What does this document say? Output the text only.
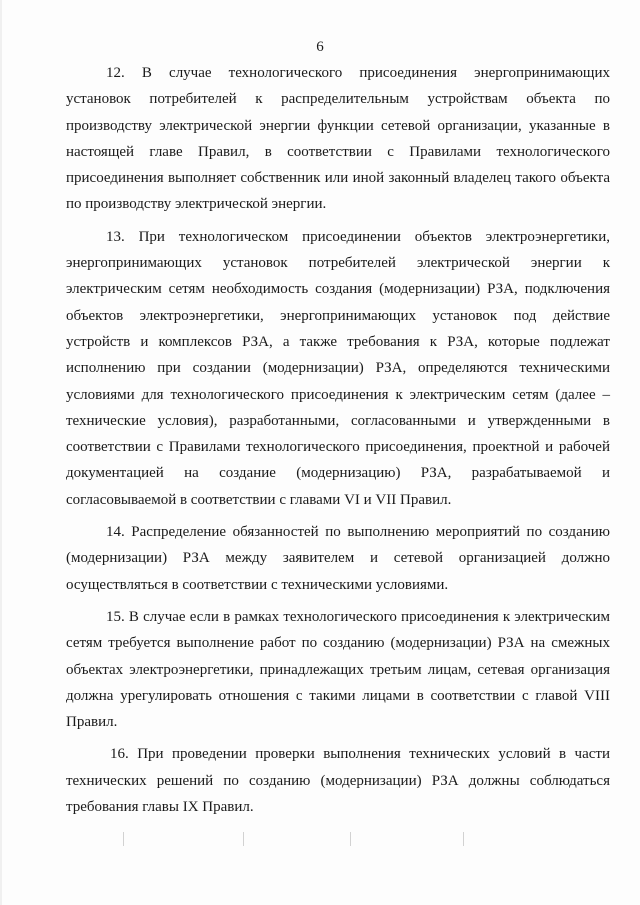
6

12. В случае технологического присоединения энергопринимающих установок потребителей к распределительным устройствам объекта по производству электрической энергии функции сетевой организации, указанные в настоящей главе Правил, в соответствии с Правилами технологического присоединения выполняет собственник или иной законный владелец такого объекта по производству электрической энергии.

13. При технологическом присоединении объектов электроэнергетики, энергопринимающих установок потребителей электрической энергии к электрическим сетям необходимость создания (модернизации) РЗА, подключения объектов электроэнергетики, энергопринимающих установок под действие устройств и комплексов РЗА, а также требования к РЗА, которые подлежат исполнению при создании (модернизации) РЗА, определяются техническими условиями для технологического присоединения к электрическим сетям (далее – технические условия), разработанными, согласованными и утвержденными в соответствии с Правилами технологического присоединения, проектной и рабочей документацией на создание (модернизацию) РЗА, разрабатываемой и согласовываемой в соответствии с главами VI и VII Правил.

14. Распределение обязанностей по выполнению мероприятий по созданию (модернизации) РЗА между заявителем и сетевой организацией должно осуществляться в соответствии с техническими условиями.

15. В случае если в рамках технологического присоединения к электрическим сетям требуется выполнение работ по созданию (модернизации) РЗА на смежных объектах электроэнергетики, принадлежащих третьим лицам, сетевая организация должна урегулировать отношения с такими лицами в соответствии с главой VIII Правил.

16. При проведении проверки выполнения технических условий в части технических решений по созданию (модернизации) РЗА должны соблюдаться требования главы IX Правил.
